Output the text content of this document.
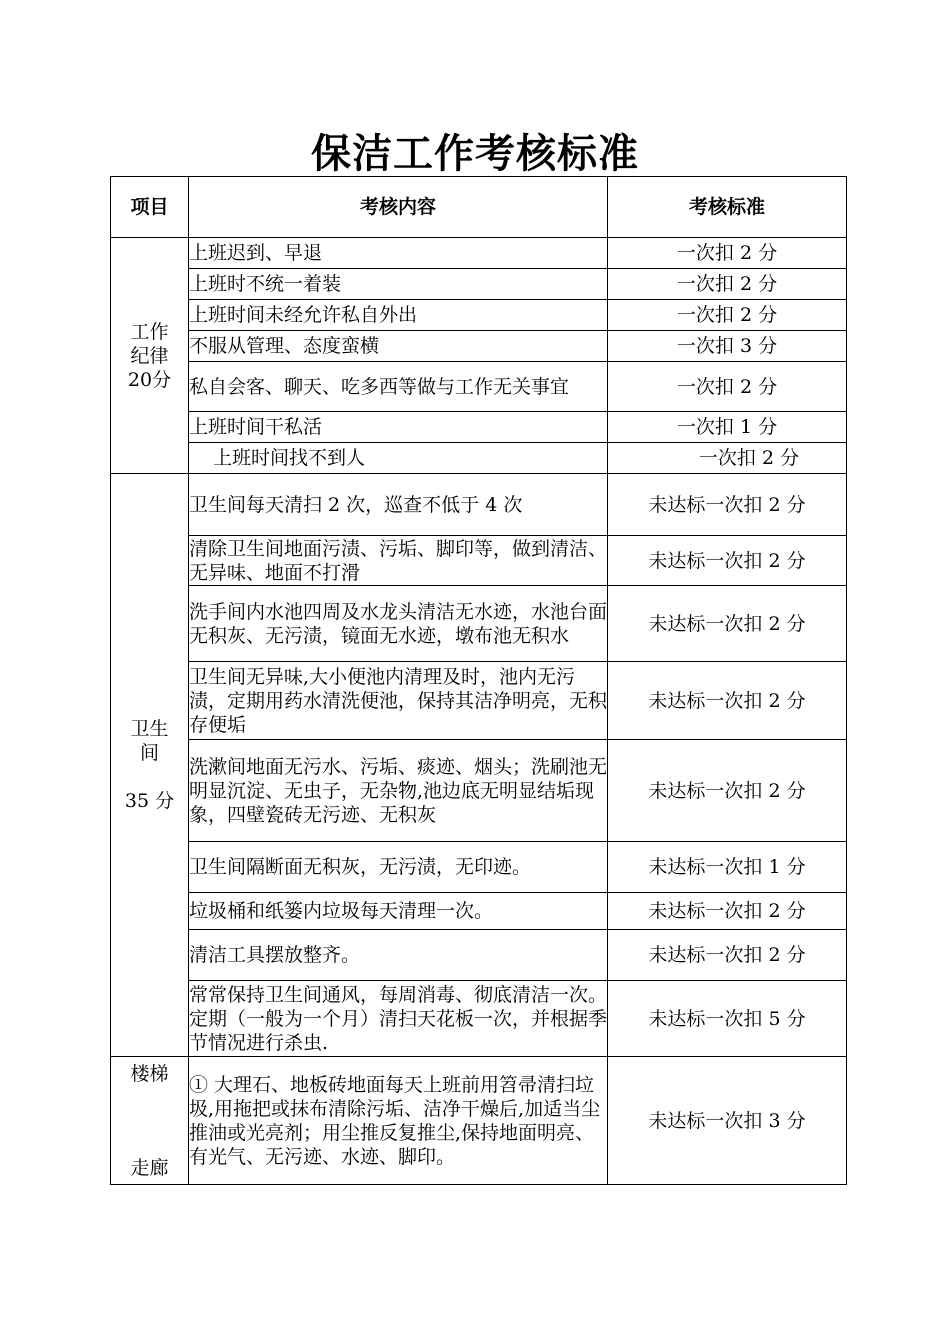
保洁工作考核标准
项目	考核内容	考核标准
工作
纪律
20分	上班迟到、早退	一次扣 2 分
	上班时不统一着装	一次扣 2 分
	上班时间未经允许私自外出	一次扣 2 分
	不服从管理、态度蛮横	一次扣 3 分
	私自会客、聊天、吃多西等做与工作无关事宜	一次扣 2 分
	上班时间干私活	一次扣 1 分
	上班时间找不到人	一次扣 2 分
卫生
间

35 分	卫生间每天清扫 2 次，巡查不低于 4 次	未达标一次扣 2 分
	清除卫生间地面污渍、污垢、脚印等，做到清洁、无异味、地面不打滑	未达标一次扣 2 分
	洗手间内水池四周及水龙头清洁无水迹，水池台面无积灰、无污渍，镜面无水迹，墩布池无积水	未达标一次扣 2 分
	卫生间无异味,大小便池内清理及时，池内无污渍，定期用药水清洗便池，保持其洁净明亮，无积存便垢	未达标一次扣 2 分
	洗漱间地面无污水、污垢、痰迹、烟头；洗刷池无明显沉淀、无虫子，无杂物,池边底无明显结垢现象，四壁瓷砖无污迹、无积灰	未达标一次扣 2 分
	卫生间隔断面无积灰，无污渍，无印迹。	未达标一次扣 1 分
	垃圾桶和纸篓内垃圾每天清理一次。	未达标一次扣 2 分
	清洁工具摆放整齐。	未达标一次扣 2 分
	常常保持卫生间通风，每周消毒、彻底清洁一次。定期（一般为一个月）清扫天花板一次，并根据季节情况进行杀虫.	未达标一次扣 5 分

楼梯
走廊	① 大理石、地板砖地面每天上班前用笤帚清扫垃圾,用拖把或抹布清除污垢、洁净干燥后,加适当尘推油或光亮剂；用尘推反复推尘,保持地面明亮、有光气、无污迹、水迹、脚印。	未达标一次扣 3 分
